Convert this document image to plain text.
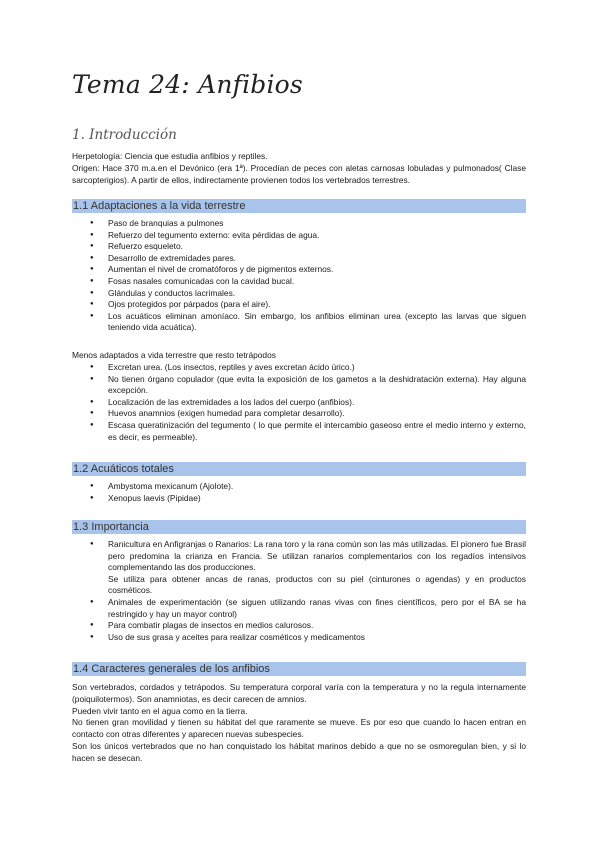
Tema 24: Anfibios
1. Introducción

Herpetología: Ciencia que estudia anfibios y reptiles.

Origen: Hace 370 m.a.en el Devónico (era 1ª). Procedían de peces con aletas carnosas lobuladas y pulmonados( Clase sarcopterigios). A partir de ellos, indirectamente provienen todos los vertebrados terrestres.

1.1 Adaptaciones a la vida terrestre
● Paso de branquias a pulmones
● Refuerzo del tegumento externo: evita pérdidas de agua.
● Refuerzo esqueleto.
● Desarrollo de extremidades pares.
● Aumentan el nivel de cromatóforos y de pigmentos externos.
● Fosas nasales comunicadas con la cavidad bucal.
● Glándulas y conductos lacrimales.
● Ojos protegidos por párpados (para el aire).
● Los acuáticos eliminan amoníaco. Sin embargo, los anfibios eliminan urea (excepto las larvas que siguen teniendo vida acuática).

Menos adaptados a vida terrestre que resto tetrápodos

● Excretan urea. (Los insectos, reptiles y aves excretan ácido úrico.)
● No tienen órgano copulador (que evita la exposición de los gametos a la deshidratación externa). Hay alguna excepción.
● Localización de las extremidades a los lados del cuerpo (anfibios).
● Huevos anamnios (exigen humedad para completar desarrollo).
● Escasa queratinización del tegumento ( lo que permite el intercambio gaseoso entre el medio interno y externo, es decir, es permeable).
1.2 Acuáticos totales
● Ambystoma mexicanum (Ajolote).
● Xenopus laevis (Pipidae)
1.3 Importancia
● Ranicultura en Anfigranjas o Ranarios: La rana toro y la rana común son las más utilizadas. El pionero fue Brasil pero predomina la crianza en Francia. Se utilizan ranarios complementarios con los regadíos intensivos complementando las dos producciones.
Se utiliza para obtener ancas de ranas, productos con su piel (cinturones o agendas) y en productos cosméticos.
● Animales de experimentación (se siguen utilizando ranas vivas con fines científicos, pero por el BA se ha restringido y hay un mayor control)
● Para combatir plagas de insectos en medios calurosos.
● Uso de sus grasa y aceites para realizar cosméticos y medicamentos
1.4 Caracteres generales de los anfibios

Son vertebrados, cordados y tetrápodos. Su temperatura corporal varía con la temperatura y no la regula internamente (poiquilotermos). Son anamniotas, es decir carecen de amnios.

Pueden vivir tanto en el agua como en la tierra.

No tienen gran movilidad y tienen su hábitat del que raramente se mueve. Es por eso que cuando lo hacen entran en contacto con otras diferentes y aparecen nuevas subespecies.

Son los únicos vertebrados que no han conquistado los hábitat marinos debido a que no se osmoregulan bien, y si lo hacen se desecan.
